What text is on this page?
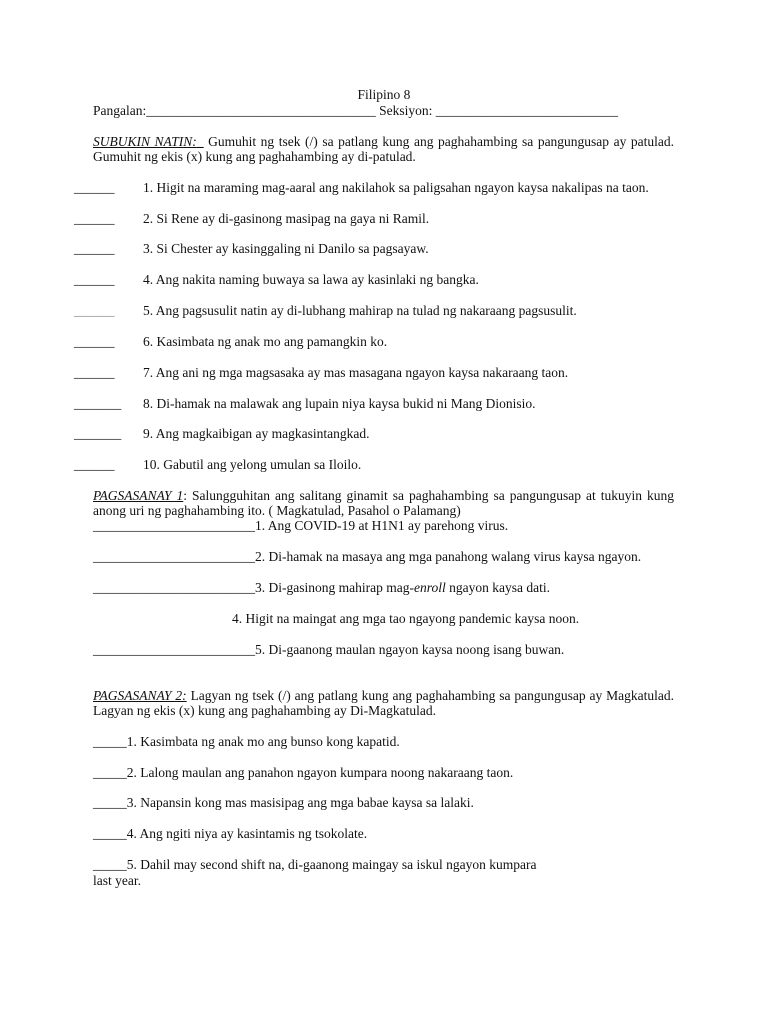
Filipino 8
Pangalan:__________________________________ Seksiyon: ___________________________
SUBUKIN NATIN:_ Gumuhit ng tsek (/) sa patlang kung ang paghahambing sa pangungusap ay patulad. Gumuhit ng ekis (x) kung ang paghahambing ay di-patulad.
______ 1. Higit na maraming mag-aaral ang nakilahok sa paligsahan ngayon kaysa nakalipas na taon.
______ 2. Si Rene ay di-gasinong masipag na gaya ni Ramil.
______ 3. Si Chester ay kasinggaling ni Danilo sa pagsayaw.
______ 4. Ang nakita naming buwaya sa lawa ay kasinlaki ng bangka.
______ 5. Ang pagsusulit natin ay di-lubhang mahirap na tulad ng nakaraang pagsusulit.
______ 6. Kasimbata ng anak mo ang pamangkin ko.
______ 7. Ang ani ng mga magsasaka ay mas masagana ngayon kaysa nakaraang taon.
_______ 8. Di-hamak na malawak ang lupain niya kaysa bukid ni Mang Dionisio.
_______ 9. Ang magkaibigan ay magkasintangkad.
______ 10. Gabutil ang yelong umulan sa Iloilo.
PAGSASANAY 1: Salungguhitan ang salitang ginamit sa paghahambing sa pangungusap at tukuyin kung anong uri ng paghahambing ito. ( Magkatulad, Pasahol o Palamang)
________________________1. Ang COVID-19 at H1N1 ay parehong virus.
________________________2. Di-hamak na masaya ang mga panahong walang virus kaysa ngayon.
________________________3. Di-gasinong mahirap mag-enroll ngayon kaysa dati.
4. Higit na maingat ang mga tao ngayong pandemic kaysa noon.
________________________5. Di-gaanong maulan ngayon kaysa noong isang buwan.
PAGSASANAY 2: Lagyan ng tsek (/) ang patlang kung ang paghahambing sa pangungusap ay Magkatulad. Lagyan ng ekis (x) kung ang paghahambing ay Di-Magkatulad.
_____1. Kasimbata ng anak mo ang bunso kong kapatid.
_____2. Lalong maulan ang panahon ngayon kumpara noong nakaraang taon.
_____3. Napansin kong mas masisipag ang mga babae kaysa sa lalaki.
_____4. Ang ngiti niya ay kasintamis ng tsokolate.
_____5. Dahil may second shift na, di-gaanong maingay sa iskul ngayon kumpara
last year.
